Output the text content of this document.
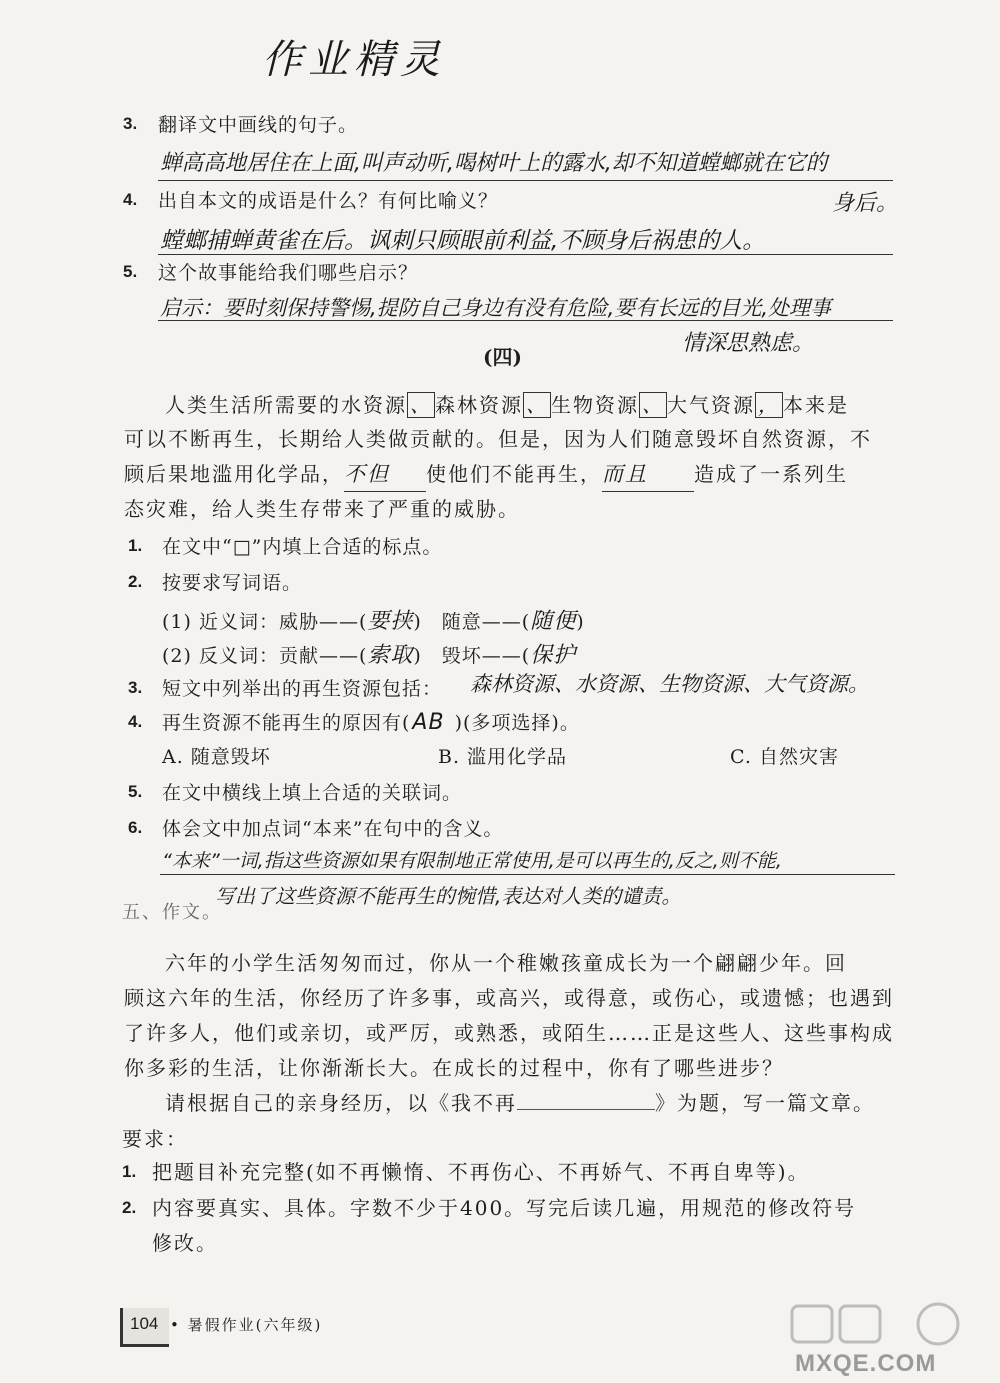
作业精灵
3. 翻译文中画线的句子。
蝉高高地居住在上面,叫声动听,喝树叶上的露水,却不知道螳螂就在它的
身后。
4. 出自本文的成语是什么？有何比喻义？
螳螂捕蝉黄雀在后。讽刺只顾眼前利益,不顾身后祸患的人。
5. 这个故事能给我们哪些启示？
启示：要时刻保持警惕,提防自己身边有没有危险,要有长远的目光,处理事
情深思熟虑。
(四)
人类生活所需要的水资源 、 森林资源 、 生物资源 、 大气资源 ， 本来是
可以不断再生，长期给人类做贡献的。但是，因为人们随意毁坏自然资源，不
顾后果地滥用化学品，不但 使他们不能再生，而且 造成了一系列生
态灾难，给人类生存带来了严重的威胁。
1. 在文中“□”内填上合适的标点。
2. 按要求写词语。
(1) 近义词：威胁——(要挟)　随意——(随便)
(2) 反义词：贡献——(索取)　毁坏——(保护
3. 短文中列举出的再生资源包括： 森林资源、水资源、生物资源、大气资源。
4. 再生资源不能再生的原因有(AB )(多项选择)。
A. 随意毁坏	B. 滥用化学品	C. 自然灾害
5. 在文中横线上填上合适的关联词。
6. 体会文中加点词“本来”在句中的含义。
“本来”一词,指这些资源如果有限制地正常使用,是可以再生的,反之,则不能,
写出了这些资源不能再生的惋惜,表达对人类的谴责。
五、作文。
六年的小学生活匆匆而过，你从一个稚嫩孩童成长为一个翩翩少年。回
顾这六年的生活，你经历了许多事，或高兴，或得意，或伤心，或遗憾；也遇到
了许多人，他们或亲切，或严厉，或熟悉，或陌生……正是这些人、这些事构成
你多彩的生活，让你渐渐长大。在成长的过程中，你有了哪些进步？
请根据自己的亲身经历，以《我不再	》为题，写一篇文章。
要求：
1. 把题目补充完整(如不再懒惰、不再伤心、不再娇气、不再自卑等)。
2. 内容要真实、具体。字数不少于400。写完后读几遍，用规范的修改符号
修改。
104 • 暑假作业(六年级)
MXQE.COM
